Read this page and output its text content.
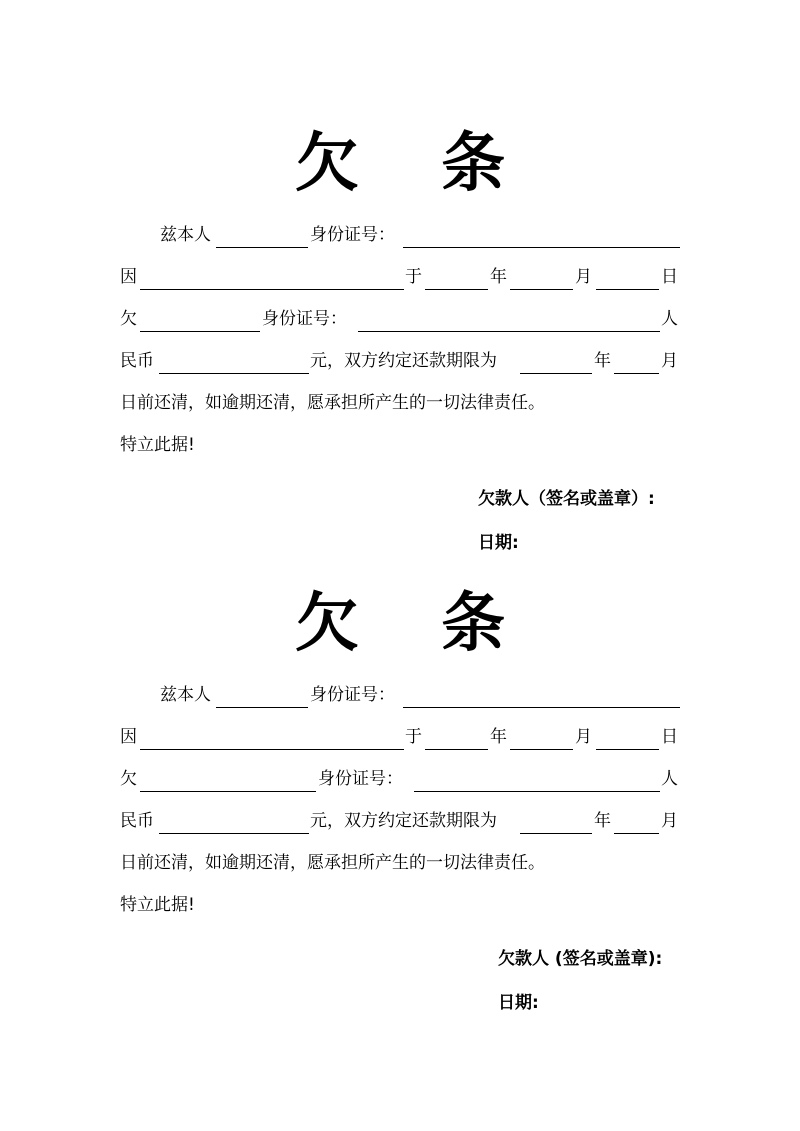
欠 条
兹本人	身份证号：
因	于	年	月	日
欠	身份证号：	人
民币	元，双方约定还款期限为	年	月
日前还清，如逾期还清，愿承担所产生的一切法律责任。
特立此据!
欠款人（签名或盖章）:
日期:
欠 条
兹本人	身份证号：
因	于	年	月	日
欠	身份证号：	人
民币	元，双方约定还款期限为	年	月
日前还清，如逾期还清，愿承担所产生的一切法律责任。
特立此据!
欠款人 (签名或盖章):
日期:
